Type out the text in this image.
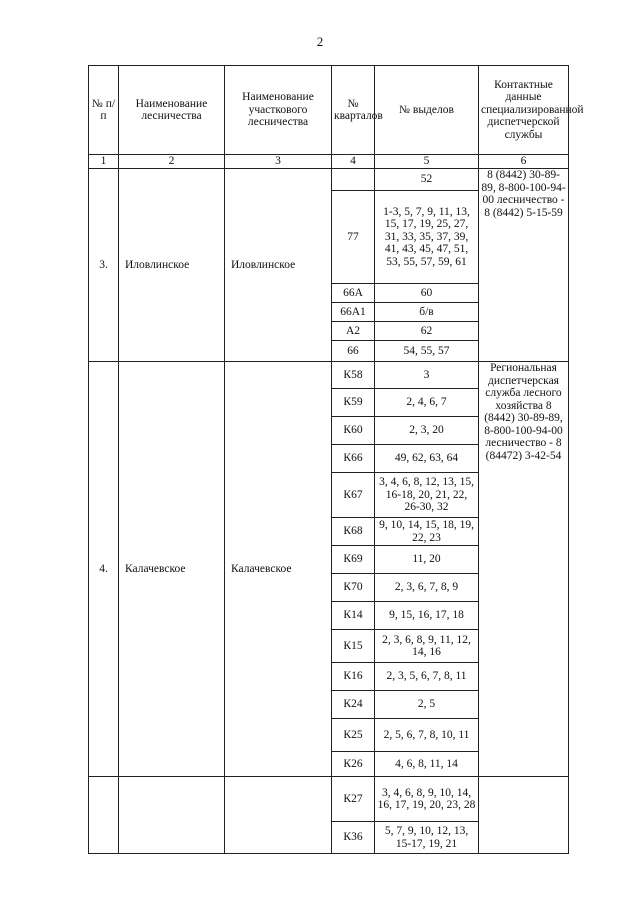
2
№ п/п	Наименование лесничества	Наименование участкового лесничества	№ кварталов	№ выделов	Контактные данные специализированной диспетчерской службы
1	2	3	4	5	6
3.	Иловлинское	Иловлинское		52	8 (8442) 30-89-89, 8-800-100-94-00 лесничество - 8 (8442) 5-15-59
			77	1-3, 5, 7, 9, 11, 13, 15, 17, 19, 25, 27, 31, 33, 35, 37, 39, 41, 43, 45, 47, 51, 53, 55, 57, 59, 61	
			66А	60	
			66А1	б/в	
			А2	62	
			66	54, 55, 57	
4.	Калачевское	Калачевское	К58	3	Региональная диспетчерская служба лесного хозяйства 8 (8442) 30-89-89, 8-800-100-94-00 лесничество - 8 (84472) 3-42-54
			К59	2, 4, 6, 7	
			К60	2, 3, 20	
			К66	49, 62, 63, 64	
			К67	3, 4, 6, 8, 12, 13, 15, 16-18, 20, 21, 22, 26-30, 32	
			К68	9, 10, 14, 15, 18, 19, 22, 23	
			К69	11, 20	
			К70	2, 3, 6, 7, 8, 9	
			К14	9, 15, 16, 17, 18	
			К15	2, 3, 6, 8, 9, 11, 12, 14, 16	
			К16	2, 3, 5, 6, 7, 8, 11	
			К24	2, 5	
			К25	2, 5, 6, 7, 8, 10, 11	
			К26	4, 6, 8, 11, 14	
			К27	3, 4, 6, 8, 9, 10, 14, 16, 17, 19, 20, 23, 28	
			К36	5, 7, 9, 10, 12, 13, 15-17, 19, 21	
